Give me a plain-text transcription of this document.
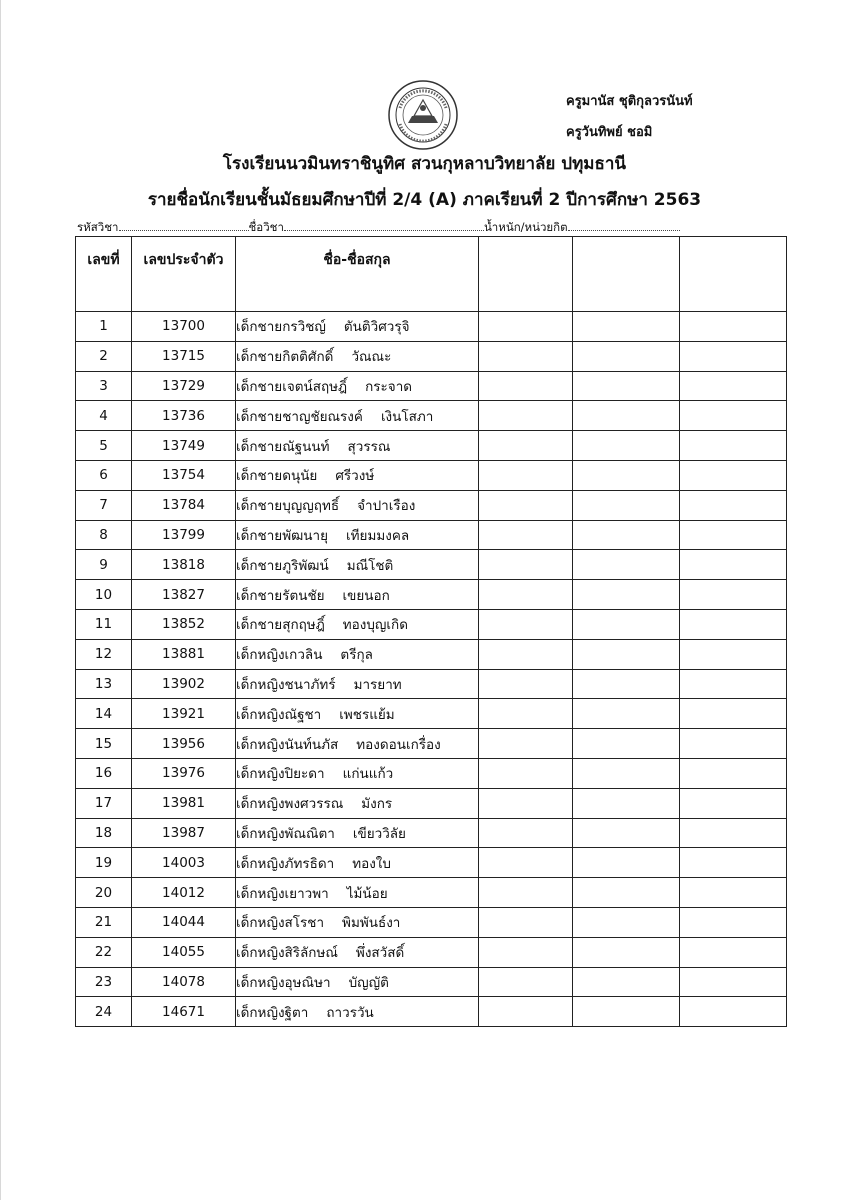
ครูมานัส ชุติกุลวรนันท์
ครูวันทิพย์ ชอมิ
โรงเรียนนวมินทราชินูทิศ สวนกุหลาบวิทยาลัย ปทุมธานี
รายชื่อนักเรียนชั้นมัธยมศึกษาปีที่ 2/4 (A) ภาคเรียนที่ 2 ปีการศึกษา 2563
รหัสวิชา	ชื่อวิชา	น้ำหนัก/หน่วยกิต
เลขที่	เลขประจำตัว	ชื่อ-ชื่อสกุล			
1	13700	เด็กชายกรวิชญ์ ตันติวิศวรุจิ			
2	13715	เด็กชายกิตติศักดิ์ วัณณะ			
3	13729	เด็กชายเจตน์สฤษฎิ์ กระจาด			
4	13736	เด็กชายชาญชัยณรงค์ เงินโสภา			
5	13749	เด็กชายณัฐนนท์ สุวรรณ			
6	13754	เด็กชายดนุนัย ศรีวงษ์			
7	13784	เด็กชายบุญญฤทธิ์ จำปาเรือง			
8	13799	เด็กชายพัฒนายุ เทียมมงคล			
9	13818	เด็กชายภูริพัฒน์ มณีโชติ			
10	13827	เด็กชายรัตนชัย เขยนอก			
11	13852	เด็กชายสุกฤษฎิ์ ทองบุญเกิด			
12	13881	เด็กหญิงเกวลิน ตรีกุล			
13	13902	เด็กหญิงชนาภัทร์ มารยาท			
14	13921	เด็กหญิงณัฐชา เพชรแย้ม			
15	13956	เด็กหญิงนันท์นภัส ทองดอนเกรื่อง			
16	13976	เด็กหญิงปิยะดา แก่นแก้ว			
17	13981	เด็กหญิงพงศวรรณ มังกร			
18	13987	เด็กหญิงพัณณิตา เขียววิลัย			
19	14003	เด็กหญิงภัทรธิดา ทองใบ			
20	14012	เด็กหญิงเยาวพา ไม้น้อย			
21	14044	เด็กหญิงสโรชา พิมพันธ์งา			
22	14055	เด็กหญิงสิริลักษณ์ พึ่งสวัสดิ์			
23	14078	เด็กหญิงอุษณิษา บัญญัติ			
24	14671	เด็กหญิงฐิตา ถาวรวัน			
